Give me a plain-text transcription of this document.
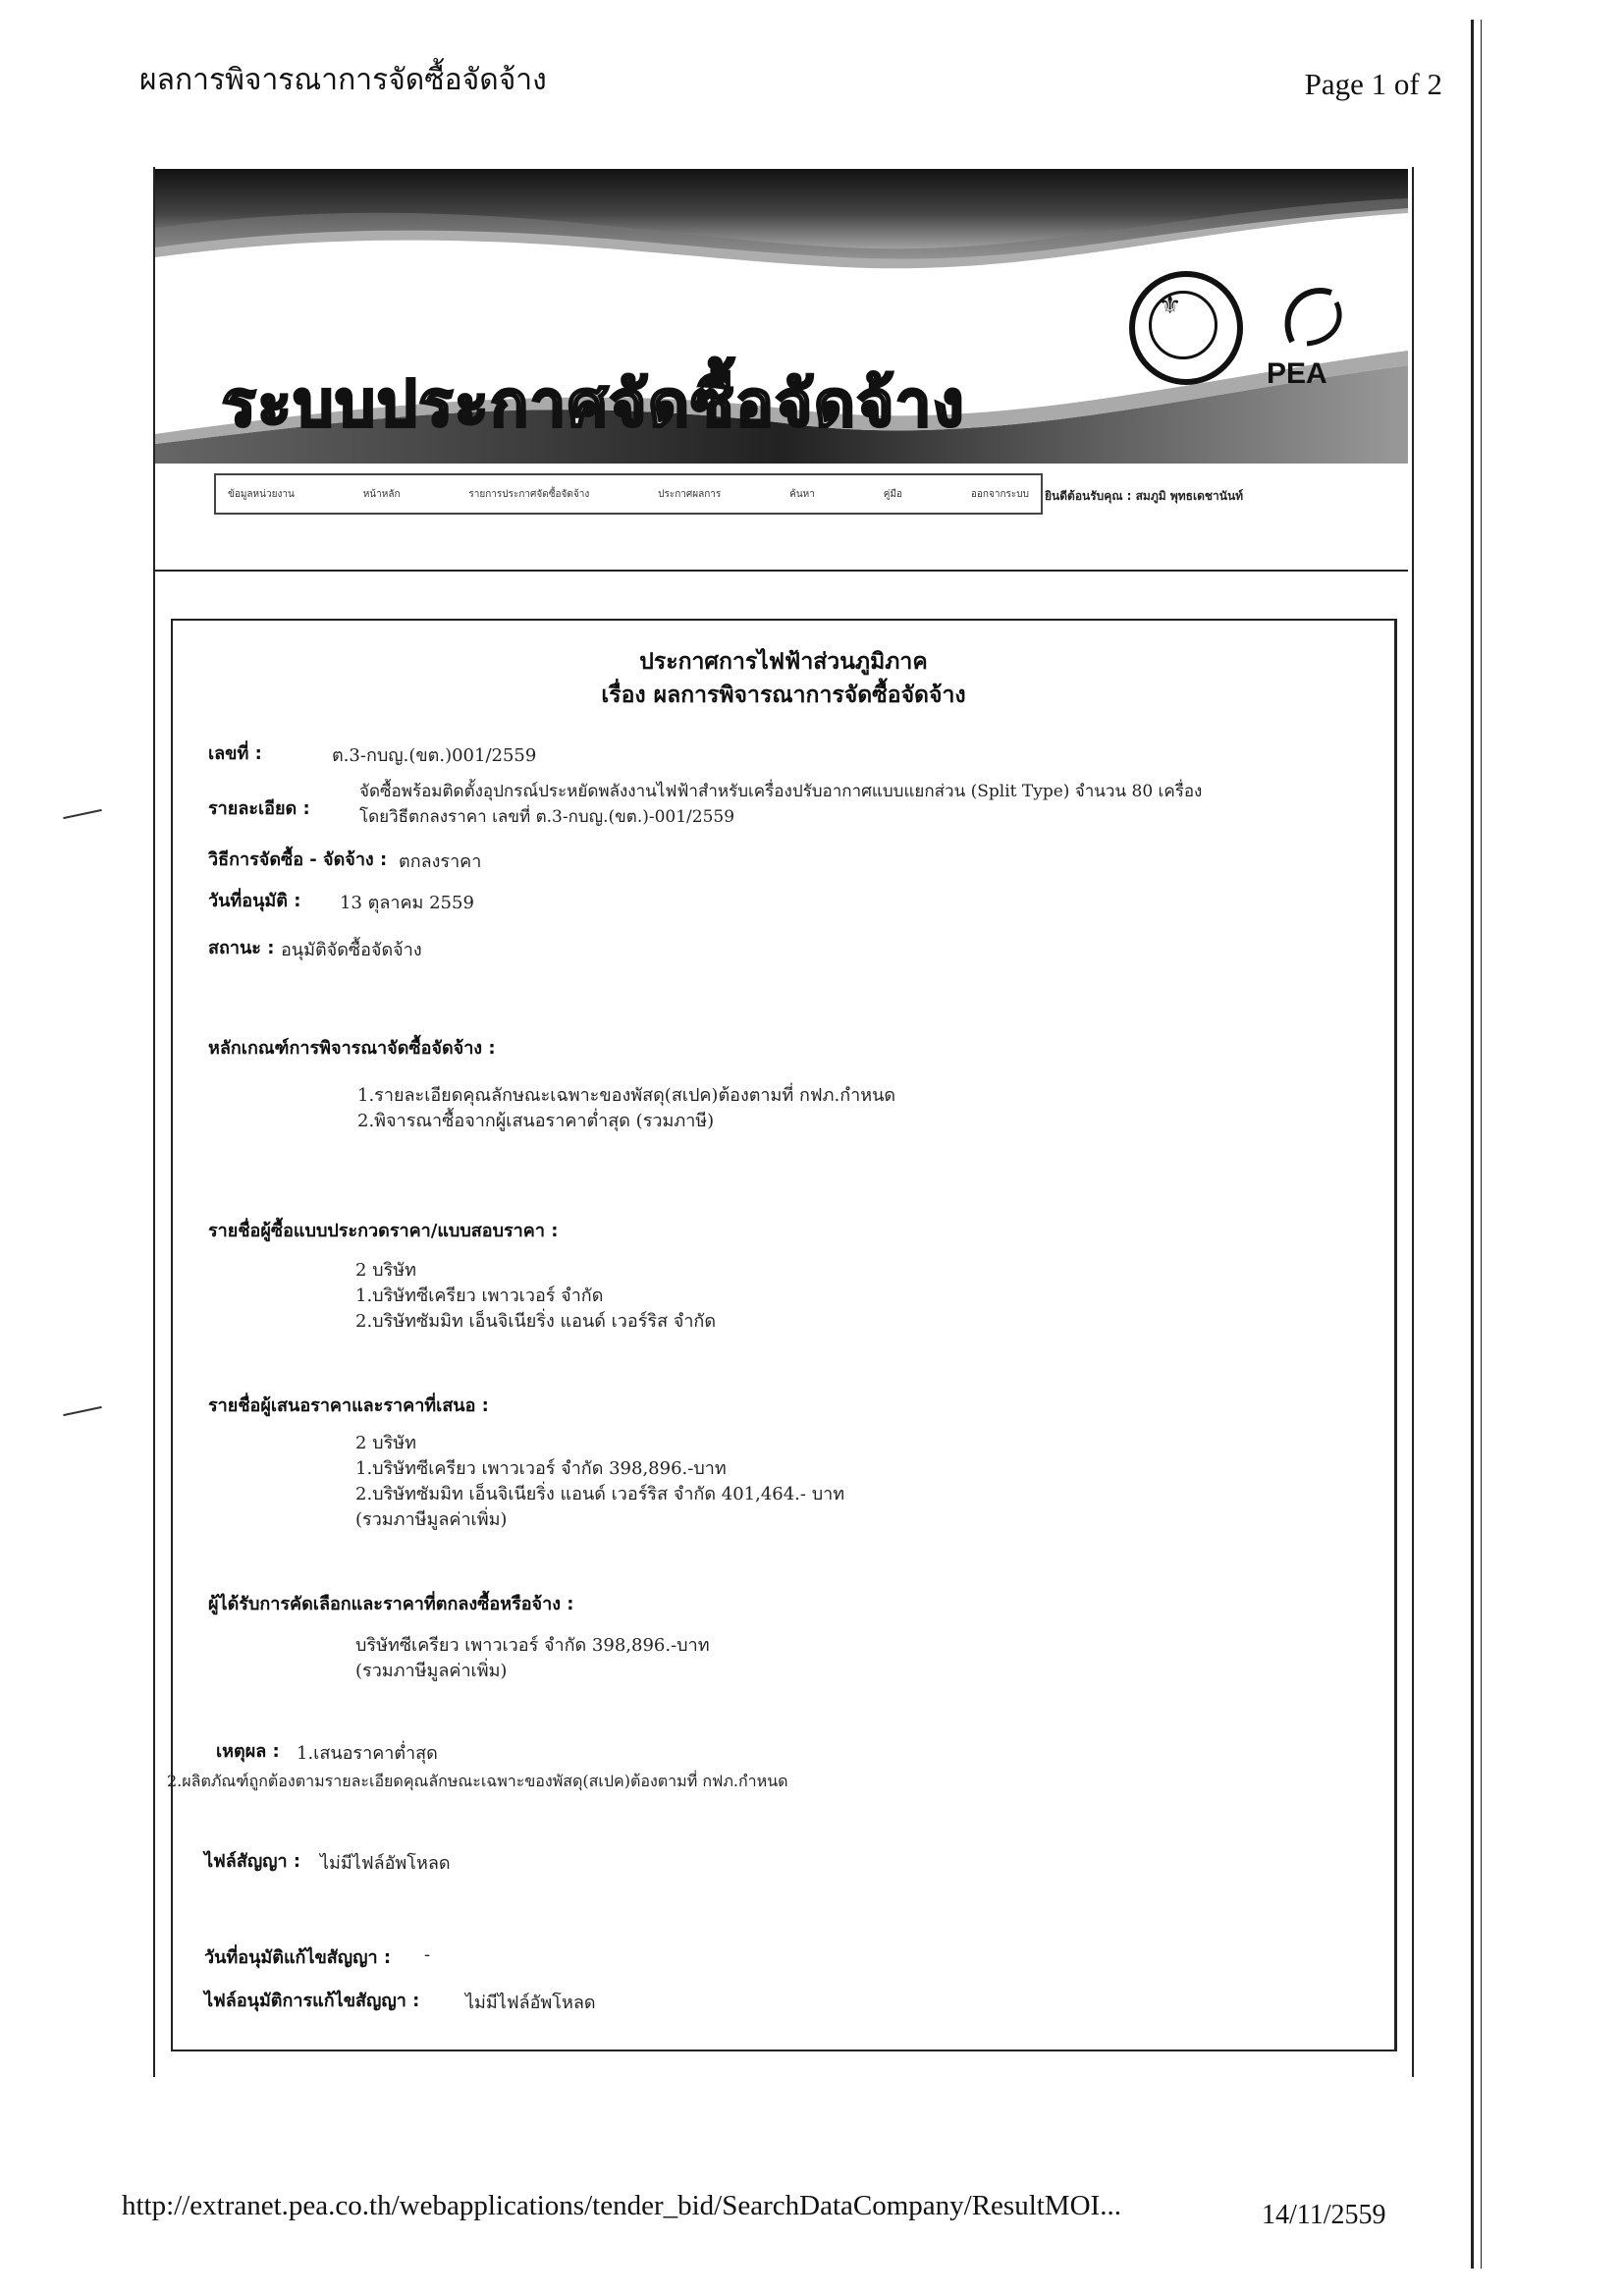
ผลการพิจารณาการจัดซื้อจัดจ้าง	Page 1 of 2
ระบบประกาศจัดซื้อจัดจ้าง
⚜
PEA
ข้อมูลหน่วยงาน	หน้าหลัก	รายการประกาศจัดซื้อจัดจ้าง	ประกาศผลการ	ค้นหา	คู่มือ	ออกจากระบบ ยินดีต้อนรับคุณ : สมภูมิ พุทธเดชานันท์
ประกาศการไฟฟ้าส่วนภูมิภาค
เรื่อง ผลการพิจารณาการจัดซื้อจัดจ้าง
เลขที่ :	ต.3-กบญ.(ขต.)001/2559
รายละเอียด :
จัดซื้อพร้อมติดตั้งอุปกรณ์ประหยัดพลังงานไฟฟ้าสำหรับเครื่องปรับอากาศแบบแยกส่วน (Split Type) จำนวน 80 เครื่อง
โดยวิธีตกลงราคา เลขที่ ต.3-กบญ.(ขต.)-001/2559
วิธีการจัดซื้อ - จัดจ้าง : ตกลงราคา
วันที่อนุมัติ : 13 ตุลาคม 2559
สถานะ : อนุมัติจัดซื้อจัดจ้าง
หลักเกณฑ์การพิจารณาจัดซื้อจัดจ้าง :
1.รายละเอียดคุณลักษณะเฉพาะของพัสดุ(สเปค)ต้องตามที่ กฟภ.กำหนด
2.พิจารณาซื้อจากผู้เสนอราคาต่ำสุด (รวมภาษี)
รายชื่อผู้ซื้อแบบประกวดราคา/แบบสอบราคา :
2 บริษัท
1.บริษัทซีเครียว เพาวเวอร์ จำกัด
2.บริษัทซัมมิท เอ็นจิเนียริ่ง แอนด์ เวอร์ริส จำกัด
รายชื่อผู้เสนอราคาและราคาที่เสนอ :
2 บริษัท
1.บริษัทซีเครียว เพาวเวอร์ จำกัด 398,896.-บาท
2.บริษัทซัมมิท เอ็นจิเนียริ่ง แอนด์ เวอร์ริส จำกัด 401,464.- บาท
(รวมภาษีมูลค่าเพิ่ม)
ผู้ได้รับการคัดเลือกและราคาที่ตกลงซื้อหรือจ้าง :
บริษัทซีเครียว เพาวเวอร์ จำกัด 398,896.-บาท
(รวมภาษีมูลค่าเพิ่ม)
เหตุผล : 1.เสนอราคาต่ำสุด
2.ผลิตภัณฑ์ถูกต้องตามรายละเอียดคุณลักษณะเฉพาะของพัสดุ(สเปค)ต้องตามที่ กฟภ.กำหนด
ไฟล์สัญญา : ไม่มีไฟล์อัพโหลด
วันที่อนุมัติแก้ไขสัญญา : -
ไฟล์อนุมัติการแก้ไขสัญญา :	ไม่มีไฟล์อัพโหลด
http://extranet.pea.co.th/webapplications/tender_bid/SearchDataCompany/ResultMOI...	14/11/2559
